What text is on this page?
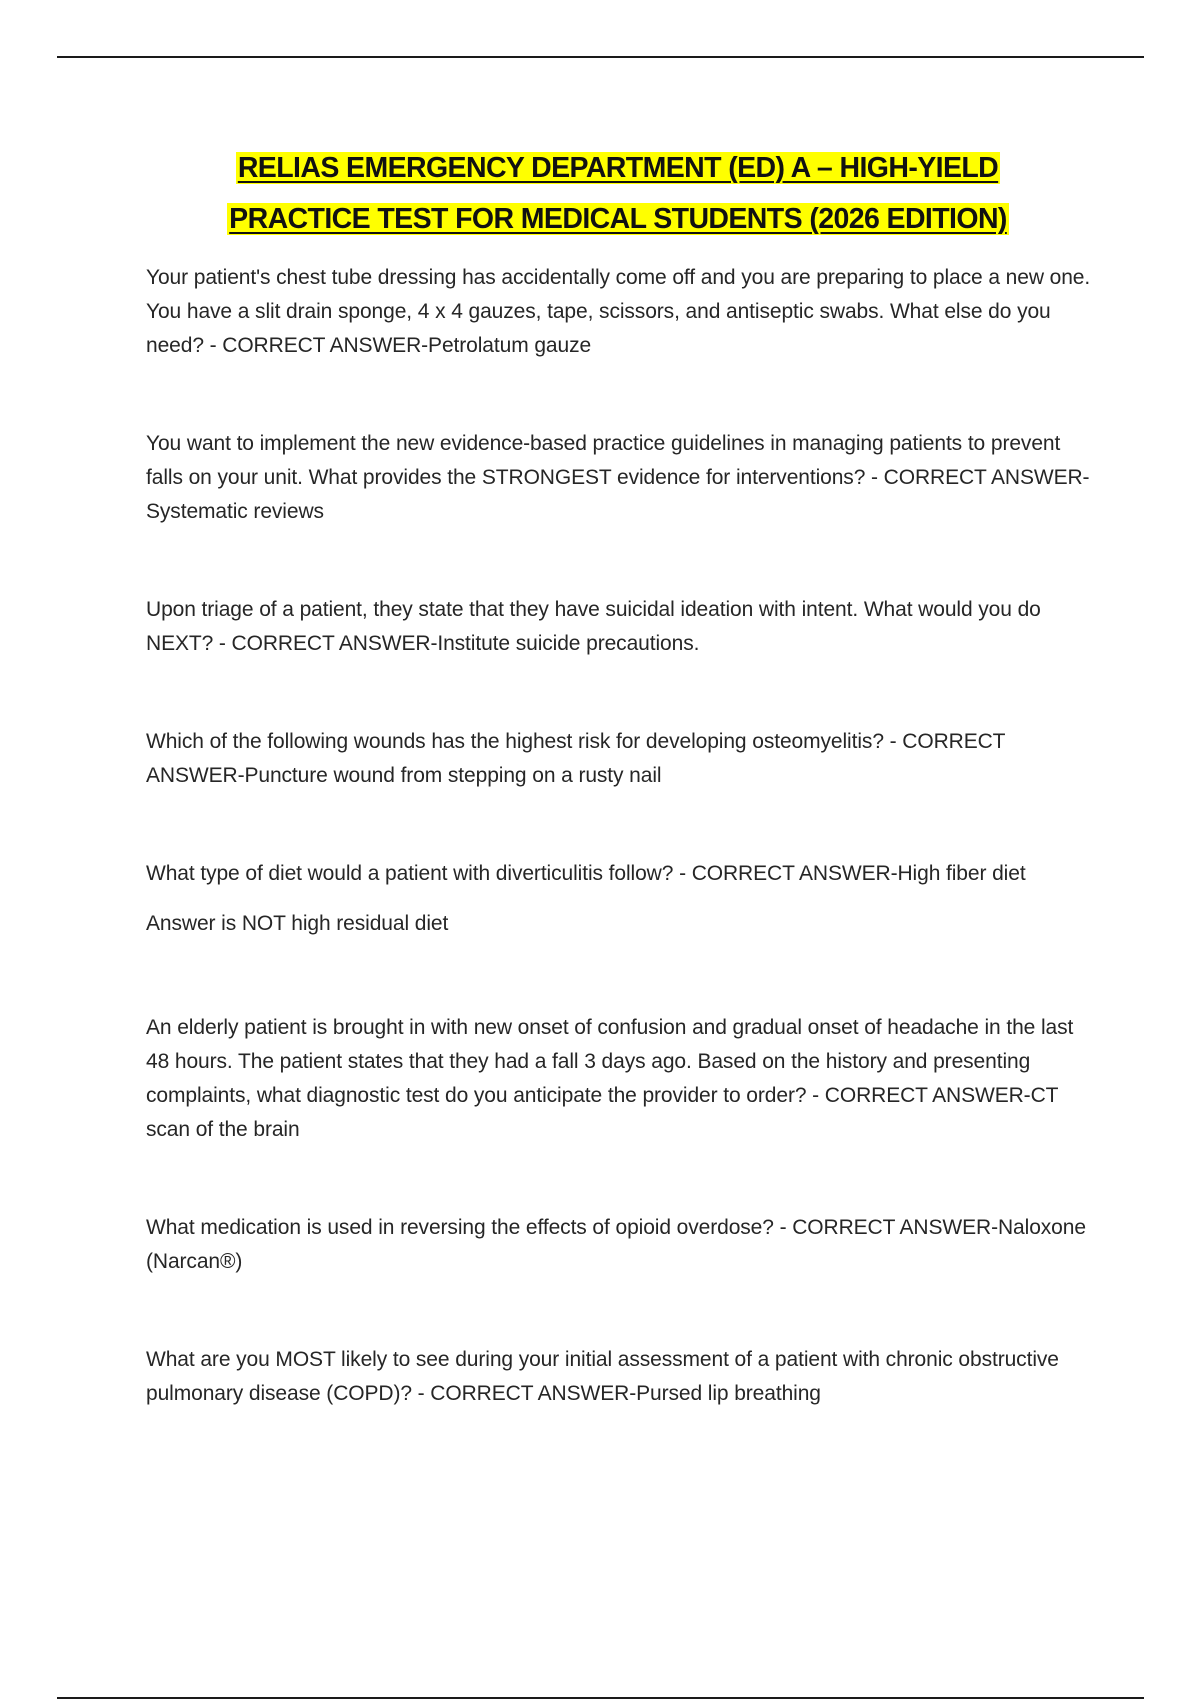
RELIAS EMERGENCY DEPARTMENT (ED) A – HIGH-YIELD
PRACTICE TEST FOR MEDICAL STUDENTS (2026 EDITION)

Your patient's chest tube dressing has accidentally come off and you are preparing to place a new one. You have a slit drain sponge, 4 x 4 gauzes, tape, scissors, and antiseptic swabs. What else do you need? - CORRECT ANSWER-Petrolatum gauze

You want to implement the new evidence-based practice guidelines in managing patients to prevent falls on your unit. What provides the STRONGEST evidence for interventions? - CORRECT ANSWER-Systematic reviews

Upon triage of a patient, they state that they have suicidal ideation with intent. What would you do NEXT? - CORRECT ANSWER-Institute suicide precautions.

Which of the following wounds has the highest risk for developing osteomyelitis? - CORRECT ANSWER-Puncture wound from stepping on a rusty nail

What type of diet would a patient with diverticulitis follow? - CORRECT ANSWER-High fiber diet

Answer is NOT high residual diet

An elderly patient is brought in with new onset of confusion and gradual onset of headache in the last 48 hours. The patient states that they had a fall 3 days ago. Based on the history and presenting complaints, what diagnostic test do you anticipate the provider to order? - CORRECT ANSWER-CT scan of the brain

What medication is used in reversing the effects of opioid overdose? - CORRECT ANSWER-Naloxone (Narcan®)

What are you MOST likely to see during your initial assessment of a patient with chronic obstructive pulmonary disease (COPD)? - CORRECT ANSWER-Pursed lip breathing
